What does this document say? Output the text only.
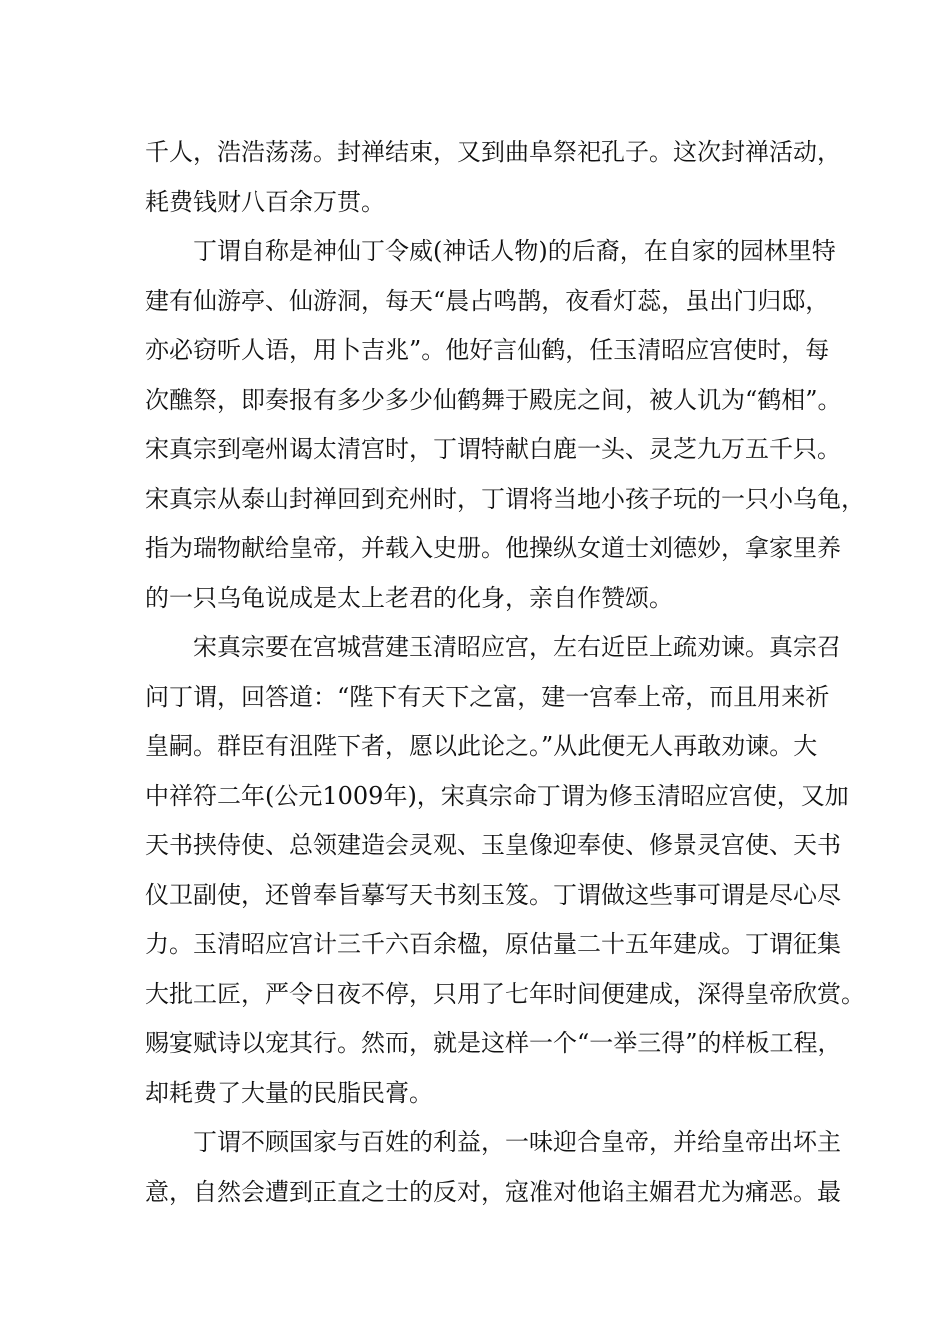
千人，浩浩荡荡。封禅结束，又到曲阜祭祀孔子。这次封禅活动，
耗费钱财八百余万贯。

丁谓自称是神仙丁令威(神话人物)的后裔，在自家的园林里特
建有仙游亭、仙游洞，每天“晨占鸣鹊，夜看灯蕊，虽出门归邸，
亦必窃听人语，用卜吉兆”。他好言仙鹤，任玉清昭应宫使时，每
次醮祭，即奏报有多少多少仙鹤舞于殿庑之间，被人讥为“鹤相”。
宋真宗到亳州谒太清宫时，丁谓特献白鹿一头、灵芝九万五千只。
宋真宗从泰山封禅回到充州时，丁谓将当地小孩子玩的一只小乌龟，
指为瑞物献给皇帝，并载入史册。他操纵女道士刘德妙，拿家里养
的一只乌龟说成是太上老君的化身，亲自作赞颂。

宋真宗要在宫城营建玉清昭应宫，左右近臣上疏劝谏。真宗召
问丁谓，回答道：“陛下有天下之富，建一宫奉上帝，而且用来祈
皇嗣。群臣有沮陛下者，愿以此论之。”从此便无人再敢劝谏。大
中祥符二年(公元1009年)，宋真宗命丁谓为修玉清昭应宫使，又加
天书挟侍使、总领建造会灵观、玉皇像迎奉使、修景灵宫使、天书
仪卫副使，还曾奉旨摹写天书刻玉笈。丁谓做这些事可谓是尽心尽
力。玉清昭应宫计三千六百余楹，原估量二十五年建成。丁谓征集
大批工匠，严令日夜不停，只用了七年时间便建成，深得皇帝欣赏。
赐宴赋诗以宠其行。然而，就是这样一个“一举三得”的样板工程，
却耗费了大量的民脂民膏。

丁谓不顾国家与百姓的利益，一味迎合皇帝，并给皇帝出坏主
意，自然会遭到正直之士的反对，寇准对他谄主媚君尤为痛恶。最
